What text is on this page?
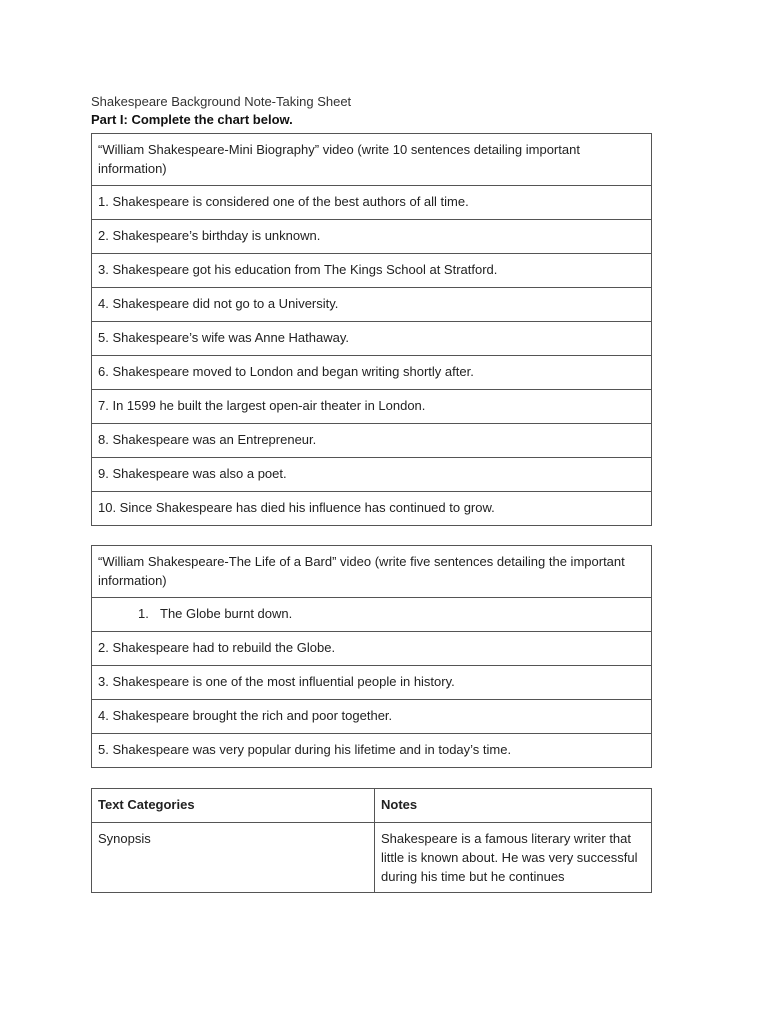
Shakespeare Background Note-Taking Sheet
Part I: Complete the chart below.
“William Shakespeare-Mini Biography” video (write 10 sentences detailing important information)
1. Shakespeare is considered one of the best authors of all time.
2. Shakespeare’s birthday is unknown.
3. Shakespeare got his education from The Kings School at Stratford.
4. Shakespeare did not go to a University.
5. Shakespeare’s wife was Anne Hathaway.
6. Shakespeare moved to London and began writing shortly after.
7. In 1599 he built the largest open-air theater in London.
8. Shakespeare was an Entrepreneur.
9. Shakespeare was also a poet.
10. Since Shakespeare has died his influence has continued to grow.
“William Shakespeare-The Life of a Bard” video (write five sentences detailing the important information)
1. The Globe burnt down.
2. Shakespeare had to rebuild the Globe.
3. Shakespeare is one of the most influential people in history.
4. Shakespeare brought the rich and poor together.
5. Shakespeare was very popular during his lifetime and in today’s time.
Text Categories	Notes
Synopsis	Shakespeare is a famous literary writer that little is known about. He was very successful during his time but he continues
